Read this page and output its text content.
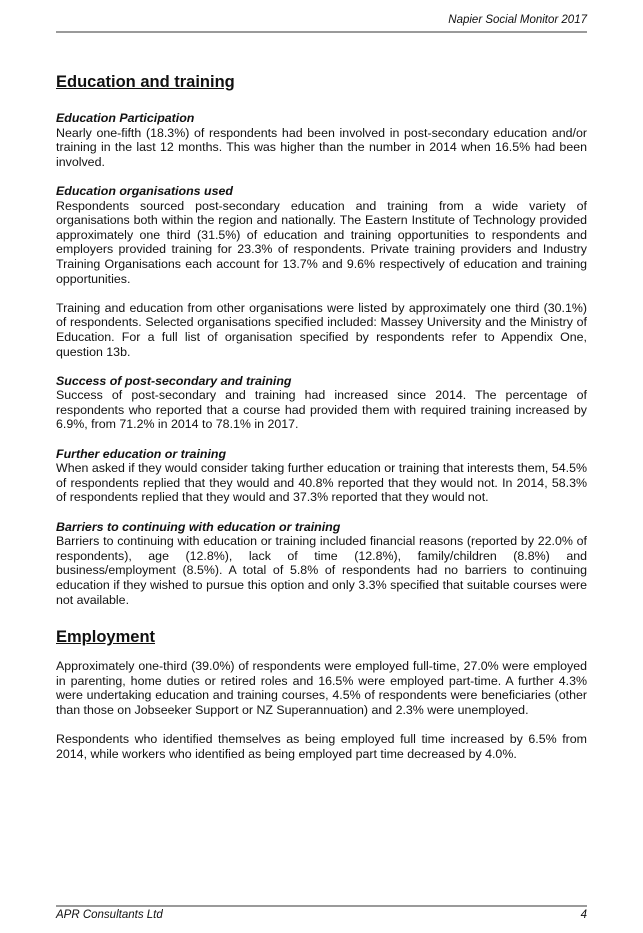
Napier Social Monitor 2017
Education and training
Education Participation

Nearly one-fifth (18.3%) of respondents had been involved in post-secondary education and/or training in the last 12 months. This was higher than the number in 2014 when 16.5% had been involved.

Education organisations used

Respondents sourced post-secondary education and training from a wide variety of organisations both within the region and nationally. The Eastern Institute of Technology provided approximately one third (31.5%) of education and training opportunities to respondents and employers provided training for 23.3% of respondents. Private training providers and Industry Training Organisations each account for 13.7% and 9.6% respectively of education and training opportunities.

Training and education from other organisations were listed by approximately one third (30.1%) of respondents. Selected organisations specified included: Massey University and the Ministry of Education. For a full list of organisation specified by respondents refer to Appendix One, question 13b.

Success of post-secondary and training

Success of post-secondary and training had increased since 2014. The percentage of respondents who reported that a course had provided them with required training increased by 6.9%, from 71.2% in 2014 to 78.1% in 2017.

Further education or training

When asked if they would consider taking further education or training that interests them, 54.5% of respondents replied that they would and 40.8% reported that they would not. In 2014, 58.3% of respondents replied that they would and 37.3% reported that they would not.

Barriers to continuing with education or training

Barriers to continuing with education or training included financial reasons (reported by 22.0% of respondents), age (12.8%), lack of time (12.8%), family/children (8.8%) and business/employment (8.5%). A total of 5.8% of respondents had no barriers to continuing education if they wished to pursue this option and only 3.3% specified that suitable courses were not available.

Employment

Approximately one-third (39.0%) of respondents were employed full-time, 27.0% were employed in parenting, home duties or retired roles and 16.5% were employed part-time. A further 4.3% were undertaking education and training courses, 4.5% of respondents were beneficiaries (other than those on Jobseeker Support or NZ Superannuation) and 2.3% were unemployed.

Respondents who identified themselves as being employed full time increased by 6.5% from 2014, while workers who identified as being employed part time decreased by 4.0%.

APR Consultants Ltd	4
